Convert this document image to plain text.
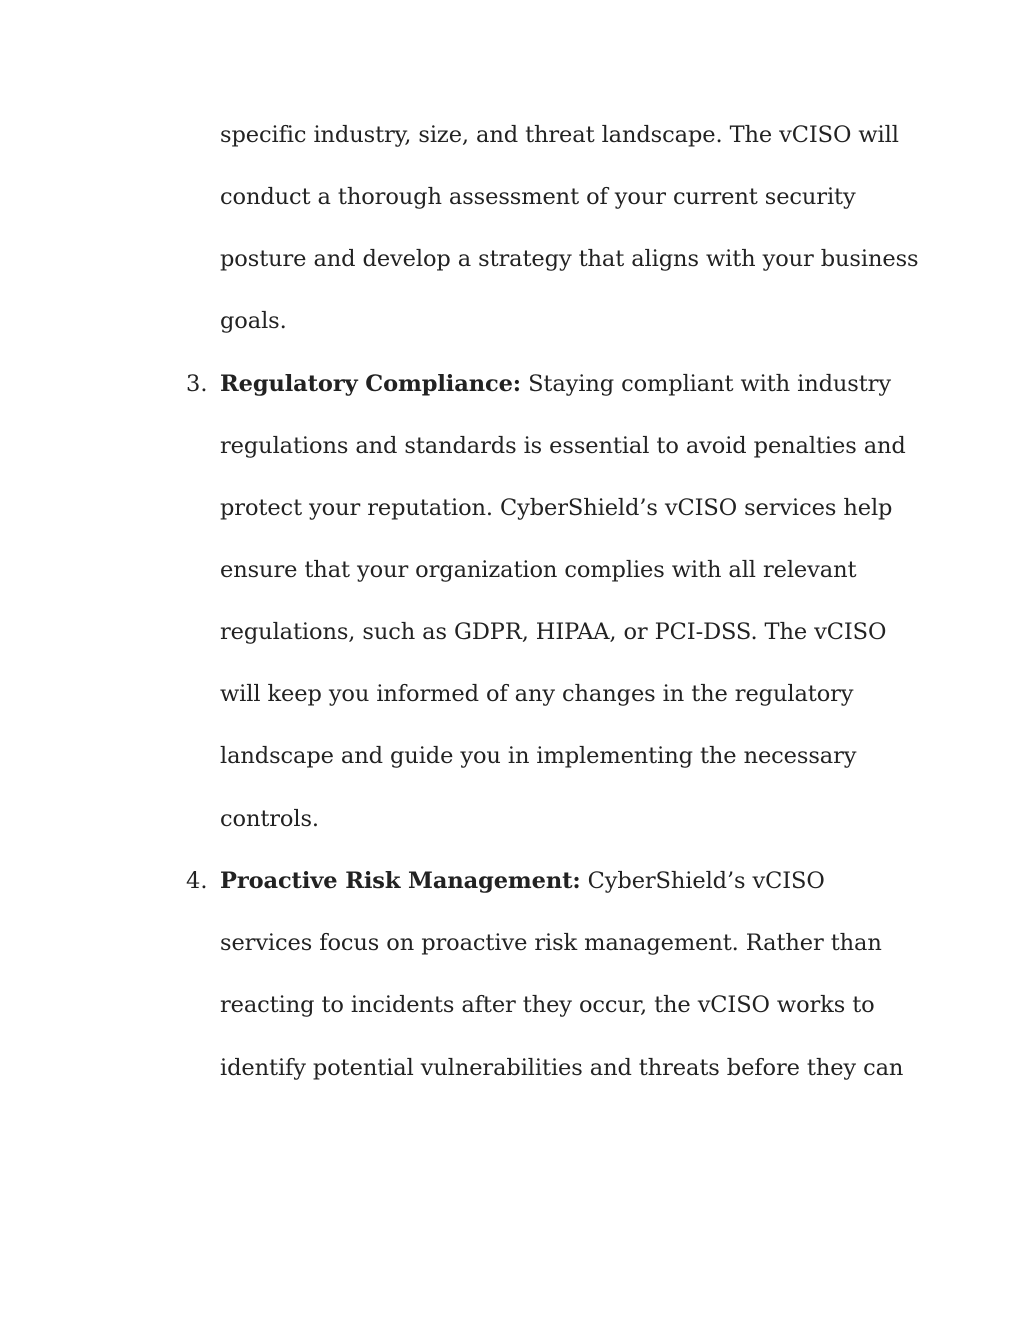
specific industry, size, and threat landscape. The vCISO will
conduct a thorough assessment of your current security
posture and develop a strategy that aligns with your business
goals.
3. Regulatory Compliance: Staying compliant with industry
regulations and standards is essential to avoid penalties and
protect your reputation. CyberShield’s vCISO services help
ensure that your organization complies with all relevant
regulations, such as GDPR, HIPAA, or PCI-DSS. The vCISO
will keep you informed of any changes in the regulatory
landscape and guide you in implementing the necessary
controls.
4. Proactive Risk Management: CyberShield’s vCISO
services focus on proactive risk management. Rather than
reacting to incidents after they occur, the vCISO works to
identify potential vulnerabilities and threats before they can
